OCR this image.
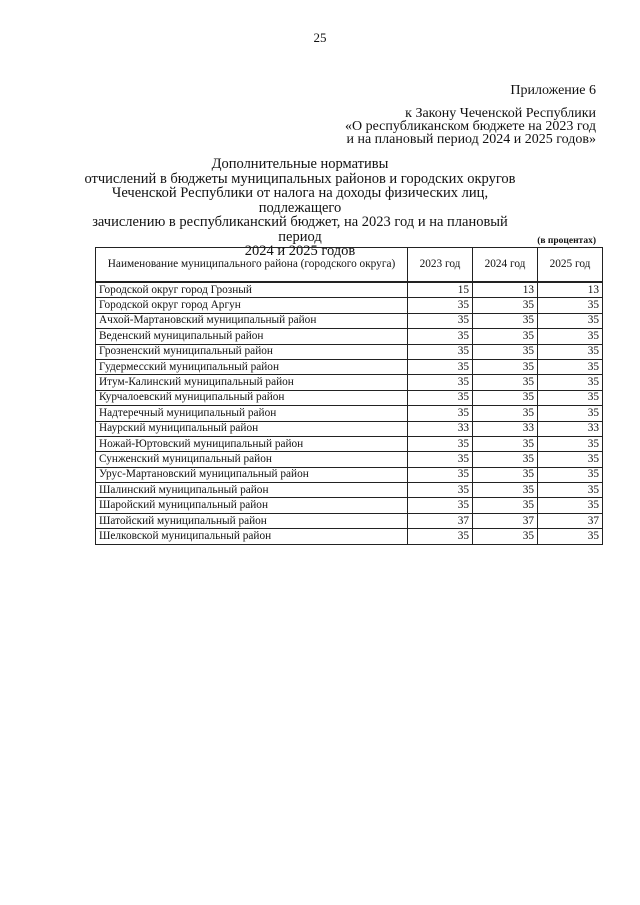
25
Приложение 6
к Закону Чеченской Республики
«О республиканском бюджете на 2023 год
и на плановый период 2024 и 2025 годов»
Дополнительные нормативы
отчислений в бюджеты муниципальных районов и городских округов
Чеченской Республики от налога на доходы физических лиц, подлежащего
зачислению в республиканский бюджет, на 2023 год и на плановый период
2024 и 2025 годов
(в процентах)
Наименование муниципального района (городского округа)	2023 год	2024 год	2025 год
Городской округ город Грозный	15	13	13
Городской округ город Аргун	35	35	35
Ачхой-Мартановский муниципальный район	35	35	35
Веденский муниципальный район	35	35	35
Грозненский муниципальный район	35	35	35
Гудермесский муниципальный район	35	35	35
Итум-Калинский муниципальный район	35	35	35
Курчалоевский муниципальный район	35	35	35
Надтеречный муниципальный район	35	35	35
Наурский муниципальный район	33	33	33
Ножай-Юртовский муниципальный район	35	35	35
Сунженский муниципальный район	35	35	35
Урус-Мартановский муниципальный район	35	35	35
Шалинский муниципальный район	35	35	35
Шаройский муниципальный район	35	35	35
Шатойский муниципальный район	37	37	37
Шелковской муниципальный район	35	35	35
